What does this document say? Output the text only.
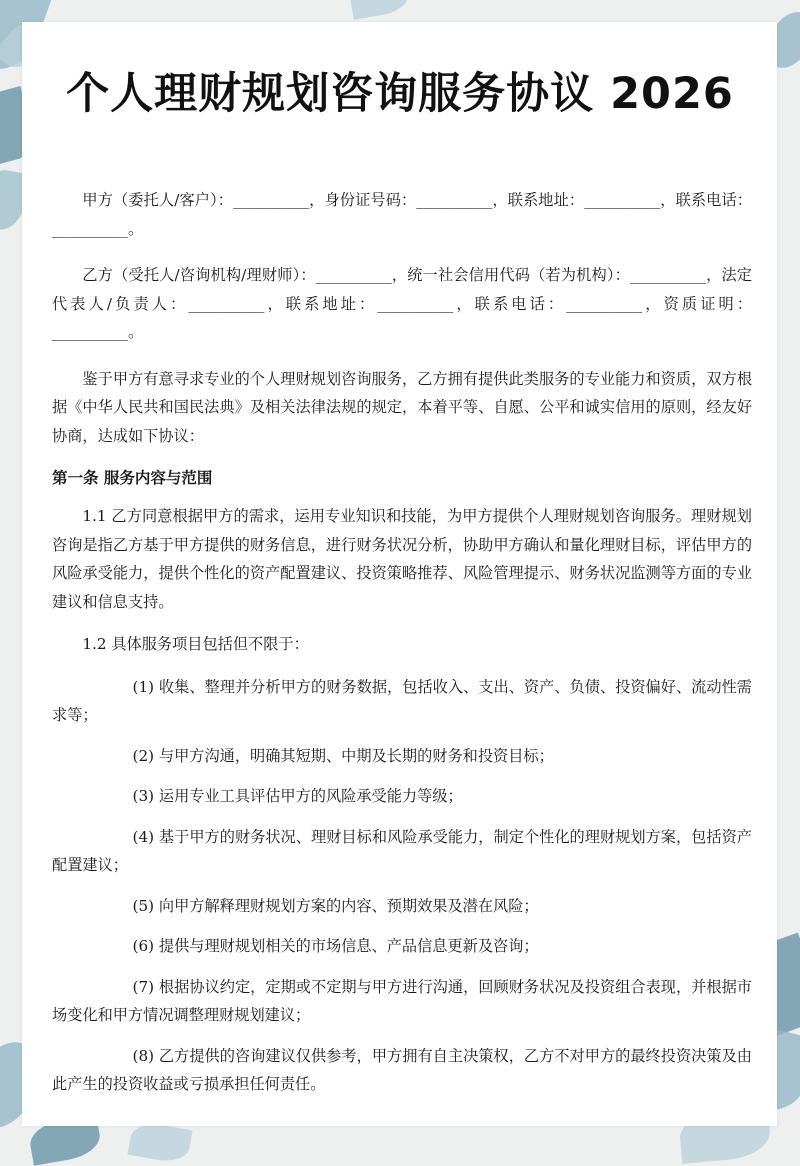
个人理财规划咨询服务协议 2026

甲方（委托人/客户）：__________，身份证号码：__________，联系地址：__________，联系电话：__________。

乙方（受托人/咨询机构/理财师）：__________，统一社会信用代码（若为机构）：__________，法定代表人/负责人：__________，联系地址：__________，联系电话：__________，资质证明：__________。

鉴于甲方有意寻求专业的个人理财规划咨询服务，乙方拥有提供此类服务的专业能力和资质，双方根据《中华人民共和国民法典》及相关法律法规的规定，本着平等、自愿、公平和诚实信用的原则，经友好协商，达成如下协议：

第一条 服务内容与范围

1.1 乙方同意根据甲方的需求，运用专业知识和技能，为甲方提供个人理财规划咨询服务。理财规划咨询是指乙方基于甲方提供的财务信息，进行财务状况分析，协助甲方确认和量化理财目标，评估甲方的风险承受能力，提供个性化的资产配置建议、投资策略推荐、风险管理提示、财务状况监测等方面的专业建议和信息支持。

1.2 具体服务项目包括但不限于：

(1) 收集、整理并分析甲方的财务数据，包括收入、支出、资产、负债、投资偏好、流动性需求等；

(2) 与甲方沟通，明确其短期、中期及长期的财务和投资目标；

(3) 运用专业工具评估甲方的风险承受能力等级；

(4) 基于甲方的财务状况、理财目标和风险承受能力，制定个性化的理财规划方案，包括资产配置建议；

(5) 向甲方解释理财规划方案的内容、预期效果及潜在风险；

(6) 提供与理财规划相关的市场信息、产品信息更新及咨询；

(7) 根据协议约定，定期或不定期与甲方进行沟通，回顾财务状况及投资组合表现，并根据市场变化和甲方情况调整理财规划建议；

(8) 乙方提供的咨询建议仅供参考，甲方拥有自主决策权，乙方不对甲方的最终投资决策及由此产生的投资收益或亏损承担任何责任。
